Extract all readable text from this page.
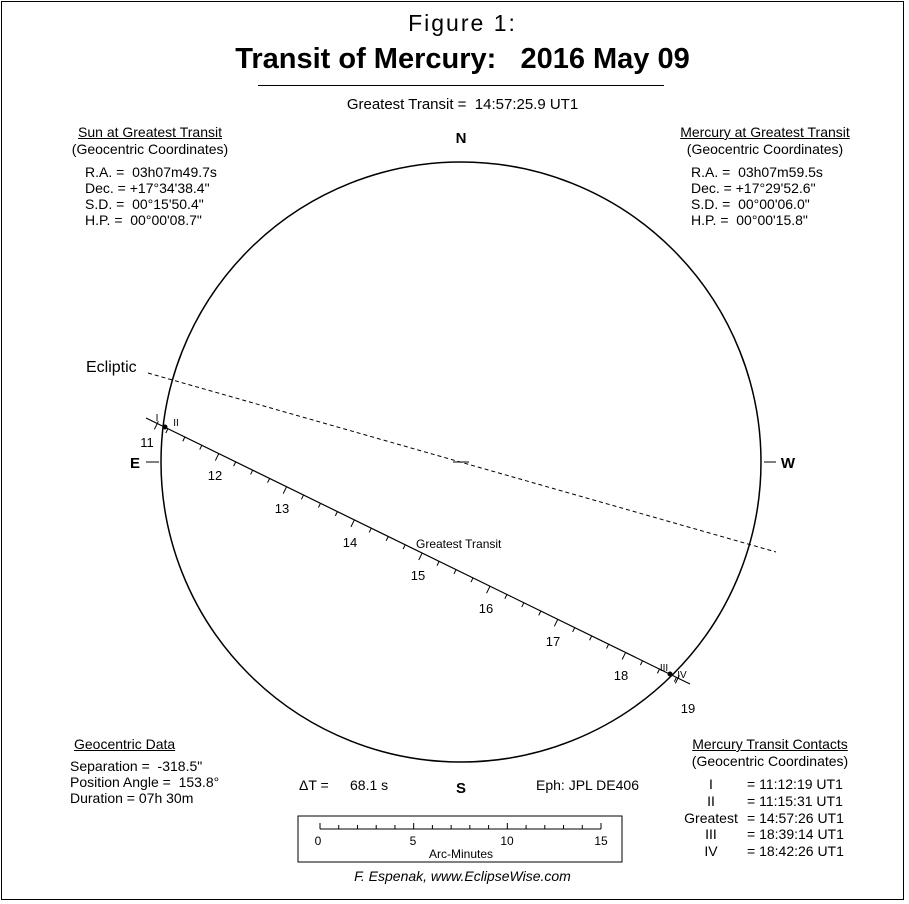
Figure 1:
Transit of Mercury: 2016 May 09
Greatest Transit =  14:57:25.9 UT1
Sun at Greatest Transit
(Geocentric Coordinates)
R.A. =  03h07m49.7s
Dec. = +17°34'38.4"
S.D. =  00°15'50.4"
H.P. =  00°00'08.7"
Mercury at Greatest Transit
(Geocentric Coordinates)
R.A. =  03h07m59.5s
Dec. = +17°29'52.6"
S.D. =  00°00'06.0"
H.P. =  00°00'15.8"
N
S
E	W
Ecliptic
Greatest Transit
11
12
13
14
15
16
17
18
19
I II
III
IV
0	5	10	15
Arc-Minutes
Geocentric Data
Separation =  -318.5"
Position Angle =  153.8°
Duration = 07h 30m
ΔT = 68.1 s	Eph: JPL DE406
Mercury Transit Contacts
(Geocentric Coordinates)
I	= 11:12:19 UT1
II	= 11:15:31 UT1
Greatest = 14:57:26 UT1
III	= 18:39:14 UT1
IV	= 18:42:26 UT1
F. Espenak, www.EclipseWise.com
